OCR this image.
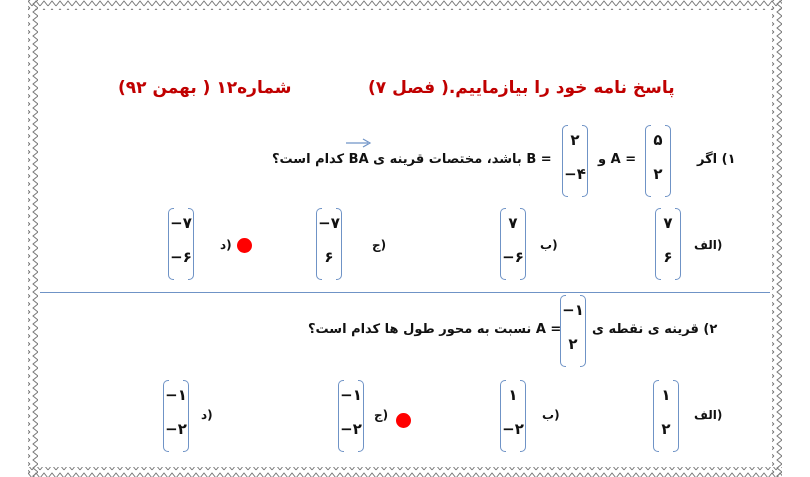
پاسخ نامه خود را بیازماییم.( فصل ۷)
شماره۱۲ ( بهمن ۹۲)
۱) اگر
۵
۲
= A و
۲
−۴
= B باشد، مختصات قرینه ی BA کدام است؟
الف)
۷
۶
ب)
۷
−۶
ج)
−۷
۶
د)
−۷
−۶
۲) قرینه ی نقطه ی
−۱
۲
= A نسبت به محور طول ها کدام است؟
الف)
۱
۲
ب)
۱
−۲
ج)
−۱
−۲
د)
−۱
−۲
